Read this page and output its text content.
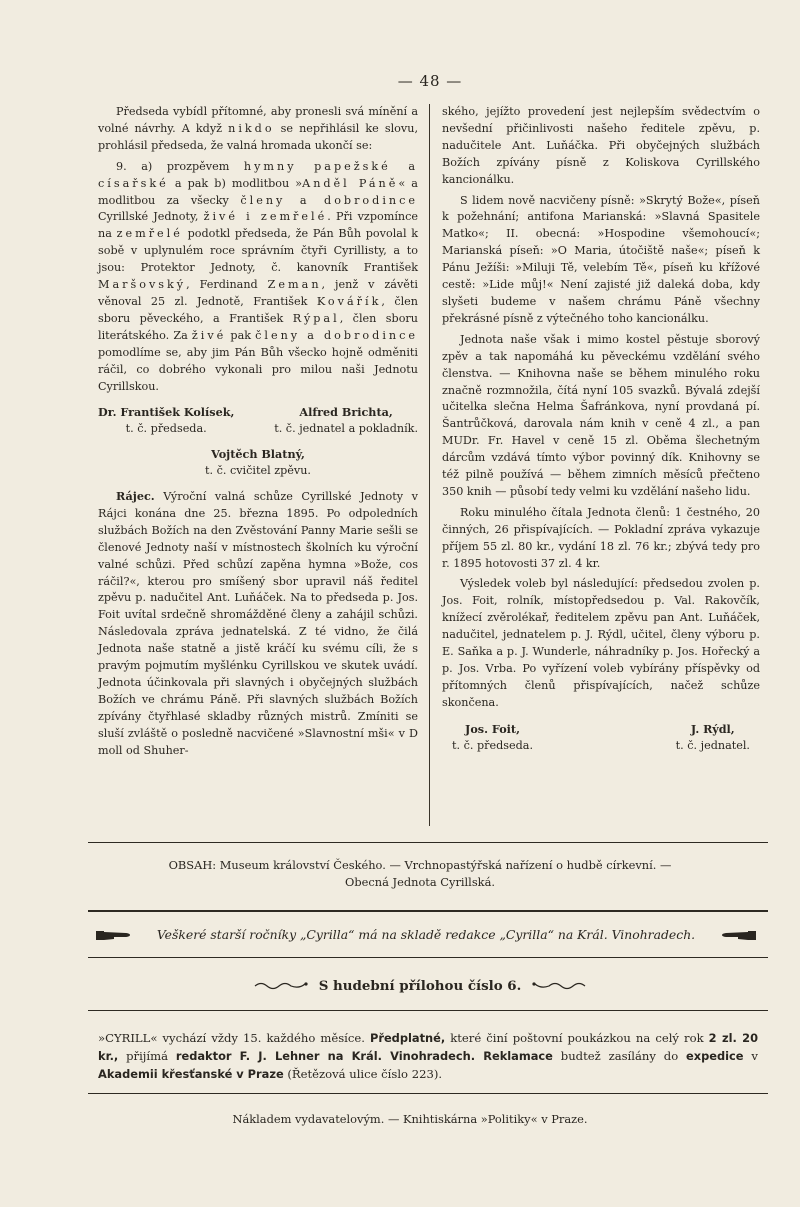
— 48 —

Předseda vybídl přítomné, aby pronesli svá mínění a volné návrhy. A když nikdo se nepřihlásil ke slovu, prohlásil předseda, že valná hromada ukončí se:

9. a) prozpěvem hymny papežské a císařské a pak b) modlitbou »Anděl Páně« a modlitbou za všecky členy a dobrodince Cyrillské Jednoty, živé i zemřelé. Při vzpomínce na zemřelé podotkl předseda, že Pán Bůh povolal k sobě v uplynulém roce správním čtyři Cyrillisty, a to jsou: Protektor Jednoty, č. kanovník František Maršovský, Ferdinand Zeman, jenž v závěti věnoval 25 zl. Jednotě, František Kovářík, člen sboru pěveckého, a František Rýpal, člen sboru literátského. Za živé pak členy a dobrodince pomodlíme se, aby jim Pán Bůh všecko hojně odměniti ráčil, co dobrého vykonali pro milou naši Jednotu Cyrillskou.

Dr. František Kolísek,
t. č. předseda.
Alfred Brichta,
t. č. jednatel a pokladník.
Vojtěch Blatný,
t. č. cvičitel zpěvu.

Rájec. Výroční valná schůze Cyrillské Jednoty v Rájci konána dne 25. března 1895. Po odpoledních službách Božích na den Zvěstování Panny Marie sešli se členové Jednoty naší v místnostech školních ku výroční valné schůzi. Před schůzí zapěna hymna »Bože, cos ráčil?«, kterou pro smíšený sbor upravil náš ředitel zpěvu p. nadučitel Ant. Luňáček. Na to předseda p. Jos. Foit uvítal srdečně shromážděné členy a zahájil schůzi. Následovala zpráva jednatelská. Z té vidno, že čilá Jednota naše statně a jistě kráčí ku svému cíli, že s pravým pojmutím myšlénku Cyrillskou ve skutek uvádí. Jednota účinkovala při slavných i obyčejných službách Božích ve chrámu Páně. Při slavných službách Božích zpívány čtyřhlasé skladby různých mistrů. Zmíniti se sluší zvláště o posledně nacvičené »Slavnostní mši« v D moll od Shuher-

ského, jejížto provedení jest nejlepším svědectvím o nevšední přičinlivosti našeho ředitele zpěvu, p. nadučitele Ant. Luňáčka. Při obyčejných službách Božích zpívány písně z Koliskova Cyrillského kancionálku.

S lidem nově nacvičeny písně: »Skrytý Bože«, píseň k požehnání; antifona Marianská: »Slavná Spasitele Matko«; II. obecná: »Hospodine všemohoucí«; Marianská píseň: »O Maria, útočiště naše«; píseň k Pánu Ježíši: »Miluji Tě, velebím Tě«, píseň ku křížové cestě: »Lide můj!« Není zajisté již daleká doba, kdy slyšeti budeme v našem chrámu Páně všechny překrásné písně z výtečného toho kancionálku.

Jednota naše však i mimo kostel pěstuje sborový zpěv a tak napomáhá ku pěveckému vzdělání svého členstva. — Knihovna naše se během minulého roku značně rozmnožila, čítá nyní 105 svazků. Bývalá zdejší učitelka slečna Helma Šafránkova, nyní provdaná pí. Šantrůčková, darovala nám knih v ceně 4 zl., a pan MUDr. Fr. Havel v ceně 15 zl. Oběma šlechetným dárcům vzdává tímto výbor povinný dík. Knihovny se též pilně používá — během zimních měsíců přečteno 350 knih — působí tedy velmi ku vzdělání našeho lidu.

Roku minulého čítala Jednota členů: 1 čestného, 20 činných, 26 přispívajících. — Pokladní zpráva vykazuje příjem 55 zl. 80 kr., vydání 18 zl. 76 kr.; zbývá tedy pro r. 1895 hotovosti 37 zl. 4 kr.

Výsledek voleb byl následující: předsedou zvolen p. Jos. Foit, rolník, místopředsedou p. Val. Rakovčík, knížecí zvěrolékař, ředitelem zpěvu pan Ant. Luňáček, nadučitel, jednatelem p. J. Rýdl, učitel, členy výboru p. E. Saňka a p. J. Wunderle, náhradníky p. Jos. Hořecký a p. Jos. Vrba. Po vyřízení voleb vybírány příspěvky od přítomných členů přispívajících, načež schůze skončena.

Jos. Foit,
t. č. předseda.
J. Rýdl,
t. č. jednatel.
OBSAH: Museum království Českého. — Vrchnopastýřská nařízení o hudbě církevní. —
Obecná Jednota Cyrillská.
Veškeré starší ročníky „Cyrilla“ má na skladě redakce „Cyrilla“ na Král. Vinohradech.
S hudební přílohou číslo 6.
»CYRILL« vychází vždy 15. každého měsíce. Předplatné, které činí poštovní poukázkou na celý rok 2 zl. 20 kr., přijímá redaktor F. J. Lehner na Král. Vinohradech. Reklamace budtež zasílány do expedice v Akademii křesťanské v Praze (Řetězová ulice číslo 223).
Nákladem vydavatelovým. — Knihtiskárna »Politiky« v Praze.
